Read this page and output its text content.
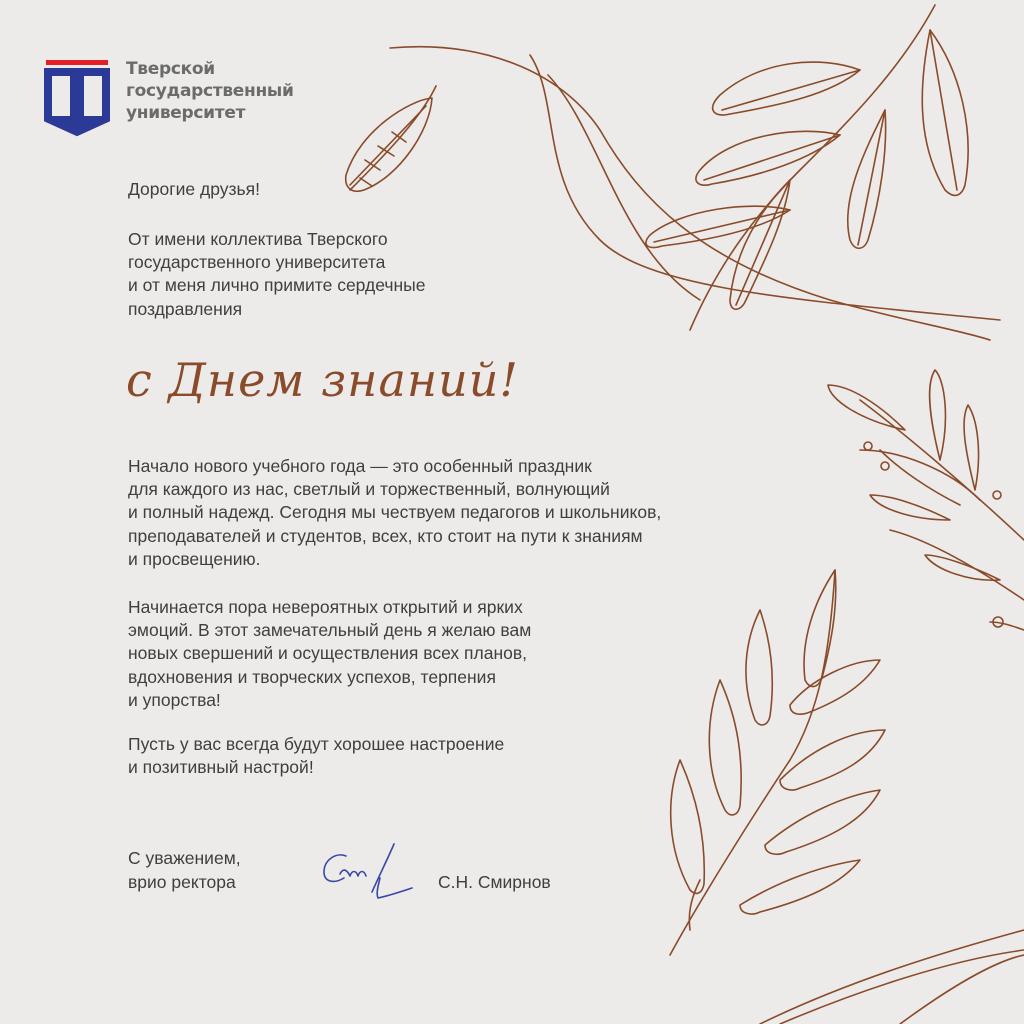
Тверской
государственный
университет
Дорогие друзья!
От имени коллектива Тверского
государственного университета
и от меня лично примите сердечные
поздравления
с Днем знаний!
Начало нового учебного года — это особенный праздник
для каждого из нас, светлый и торжественный, волнующий
и полный надежд. Сегодня мы чествуем педагогов и школьников,
преподавателей и студентов, всех, кто стоит на пути к знаниям
и просвещению.
Начинается пора невероятных открытий и ярких
эмоций. В этот замечательный день я желаю вам
новых свершений и осуществления всех планов,
вдохновения и творческих успехов, терпения
и упорства!
Пусть у вас всегда будут хорошее настроение
и позитивный настрой!
С уважением,
врио ректора	С.Н. Смирнов
